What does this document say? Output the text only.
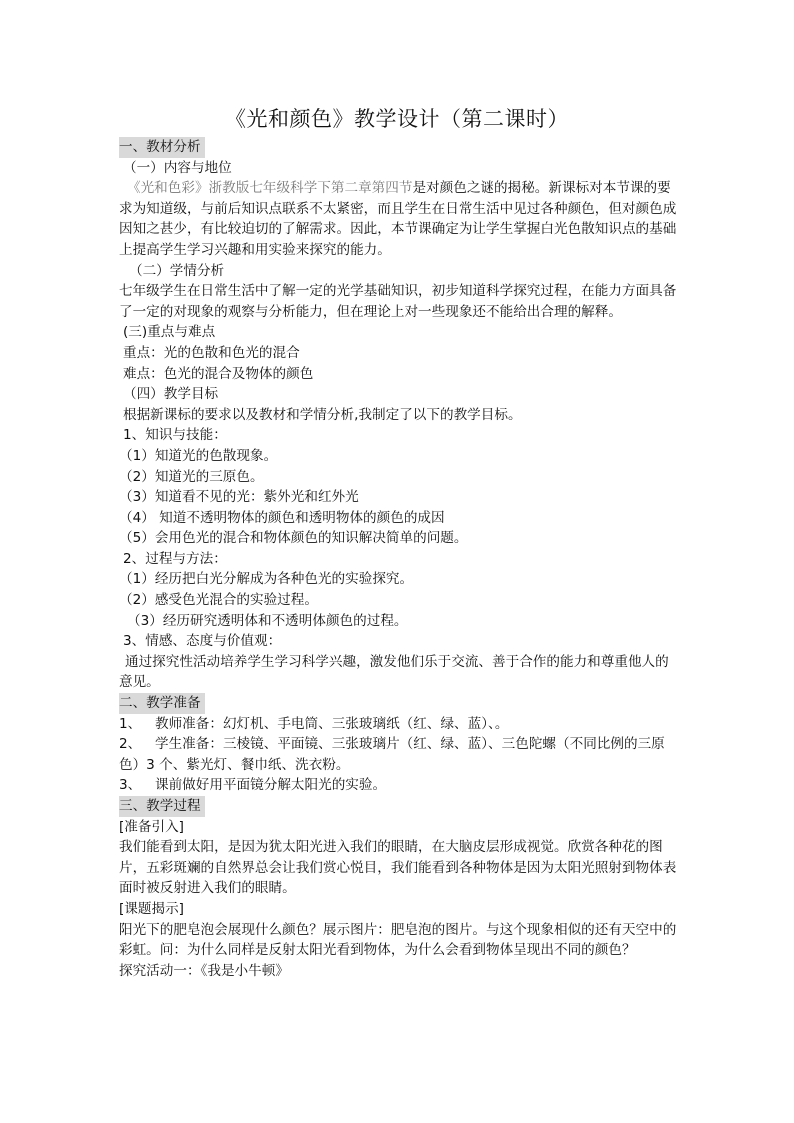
《光和颜色》教学设计（第二课时）
一、教材分析
（一）内容与地位
《光和色彩》浙教版七年级科学下第二章第四节是对颜色之谜的揭秘。新课标对本节课的要求为知道级，与前后知识点联系不太紧密，而且学生在日常生活中见过各种颜色，但对颜色成因知之甚少，有比较迫切的了解需求。因此，本节课确定为让学生掌握白光色散知识点的基础上提高学生学习兴趣和用实验来探究的能力。
（二）学情分析
七年级学生在日常生活中了解一定的光学基础知识，初步知道科学探究过程，在能力方面具备了一定的对现象的观察与分析能力，但在理论上对一些现象还不能给出合理的解释。
(三)重点与难点
重点：光的色散和色光的混合
难点：色光的混合及物体的颜色
（四）教学目标
根据新课标的要求以及教材和学情分析,我制定了以下的教学目标。
1、知识与技能：
（1）知道光的色散现象。
（2）知道光的三原色。
（3）知道看不见的光：紫外光和红外光
（4） 知道不透明物体的颜色和透明物体的颜色的成因
（5）会用色光的混合和物体颜色的知识解决简单的问题。
2、过程与方法：
（1）经历把白光分解成为各种色光的实验探究。
（2）感受色光混合的实验过程。
（3）经历研究透明体和不透明体颜色的过程。
3、情感、态度与价值观：
通过探究性活动培养学生学习科学兴趣，激发他们乐于交流、善于合作的能力和尊重他人的意见。
二、教学准备
1、 教师准备：幻灯机、手电筒、三张玻璃纸（红、绿、蓝）、。
2、 学生准备：三棱镜、平面镜、三张玻璃片（红、绿、蓝）、三色陀螺（不同比例的三原色）3 个、紫光灯、餐巾纸、洗衣粉。
3、 课前做好用平面镜分解太阳光的实验。
三、教学过程
[准备引入]
我们能看到太阳，是因为犹太阳光进入我们的眼睛，在大脑皮层形成视觉。欣赏各种花的图片，五彩斑斓的自然界总会让我们赏心悦目，我们能看到各种物体是因为太阳光照射到物体表面时被反射进入我们的眼睛。
[课题揭示]
阳光下的肥皂泡会展现什么颜色？展示图片：肥皂泡的图片。与这个现象相似的还有天空中的彩虹。问：为什么同样是反射太阳光看到物体，为什么会看到物体呈现出不同的颜色？
探究活动一：《我是小牛顿》
